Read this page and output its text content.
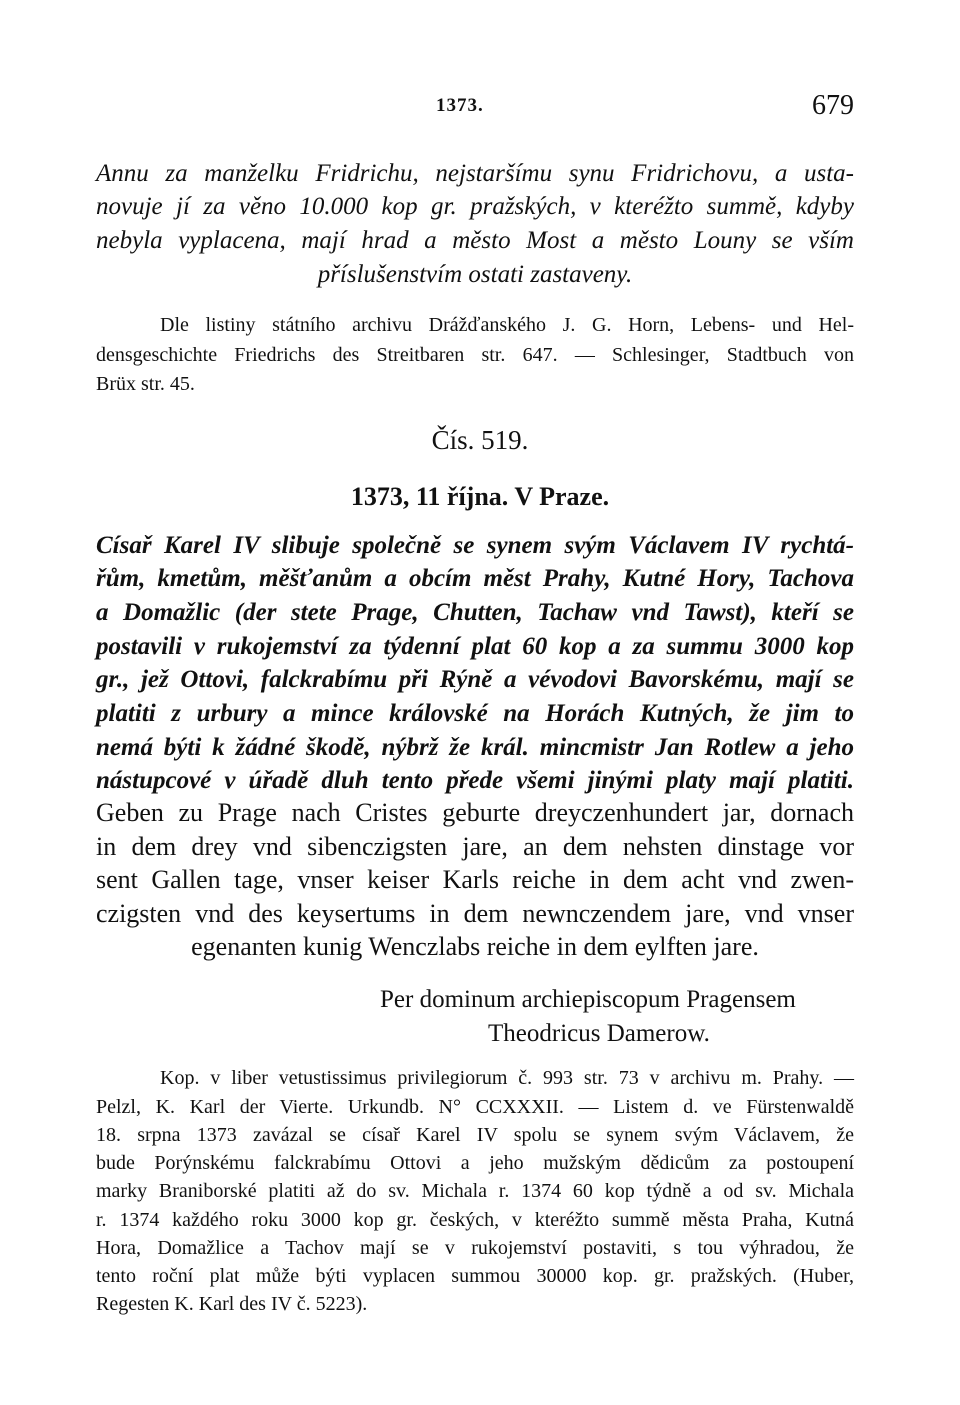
1373.	679
Annu za manželku Fridrichu, nejstaršímu synu Fridrichovu, a usta-
novuje jí za věno 10.000 kop gr. pražských, v kteréžto summě, kdyby
nebyla vyplacena, mají hrad a město Most a město Louny se vším
příslušenstvím ostati zastaveny.
Dle listiny státního archivu Drážďanského J. G. Horn, Lebens- und Hel-
densgeschichte Friedrichs des Streitbaren str. 647. — Schlesinger, Stadtbuch von
Brüx str. 45.
Čís. 519.
1373, 11 října. V Praze.
Císař Karel IV slibuje společně se synem svým Václavem IV rychtá-
řům, kmetům, měšťanům a obcím měst Prahy, Kutné Hory, Tachova
a Domažlic (der stete Prage, Chutten, Tachaw vnd Tawst), kteří se
postavili v rukojemství za týdenní plat 60 kop a za summu 3000 kop
gr., jež Ottovi, falckrabímu při Rýně a vévodovi Bavorskému, mají se
platiti z urbury a mince královské na Horách Kutných, že jim to
nemá býti k žádné škodě, nýbrž že král. mincmistr Jan Rotlew a jeho
nástupcové v úřadě dluh tento přede všemi jinými platy mají platiti.
Geben zu Prage nach Cristes geburte dreyczenhundert jar, dornach
in dem drey vnd sibenczigsten jare, an dem nehsten dinstage vor
sent Gallen tage, vnser keiser Karls reiche in dem acht vnd zwen-
czigsten vnd des keysertums in dem newnczendem jare, vnd vnser
egenanten kunig Wenczlabs reiche in dem eylften jare.
Per dominum archiepiscopum Pragensem
Theodricus Damerow.
Kop. v liber vetustissimus privilegiorum č. 993 str. 73 v archivu m. Prahy. —
Pelzl, K. Karl der Vierte. Urkundb. N° CCXXXII. — Listem d. ve Fürstenwaldě
18. srpna 1373 zavázal se císař Karel IV spolu se synem svým Václavem, že
bude Porýnskému falckrabímu Ottovi a jeho mužským dědicům za postoupení
marky Braniborské platiti až do sv. Michala r. 1374 60 kop týdně a od sv. Michala
r. 1374 každého roku 3000 kop gr. českých, v kteréžto summě města Praha, Kutná
Hora, Domažlice a Tachov mají se v rukojemství postaviti, s tou výhradou, že
tento roční plat může býti vyplacen summou 30000 kop. gr. pražských. (Huber,
Regesten K. Karl des IV č. 5223).
